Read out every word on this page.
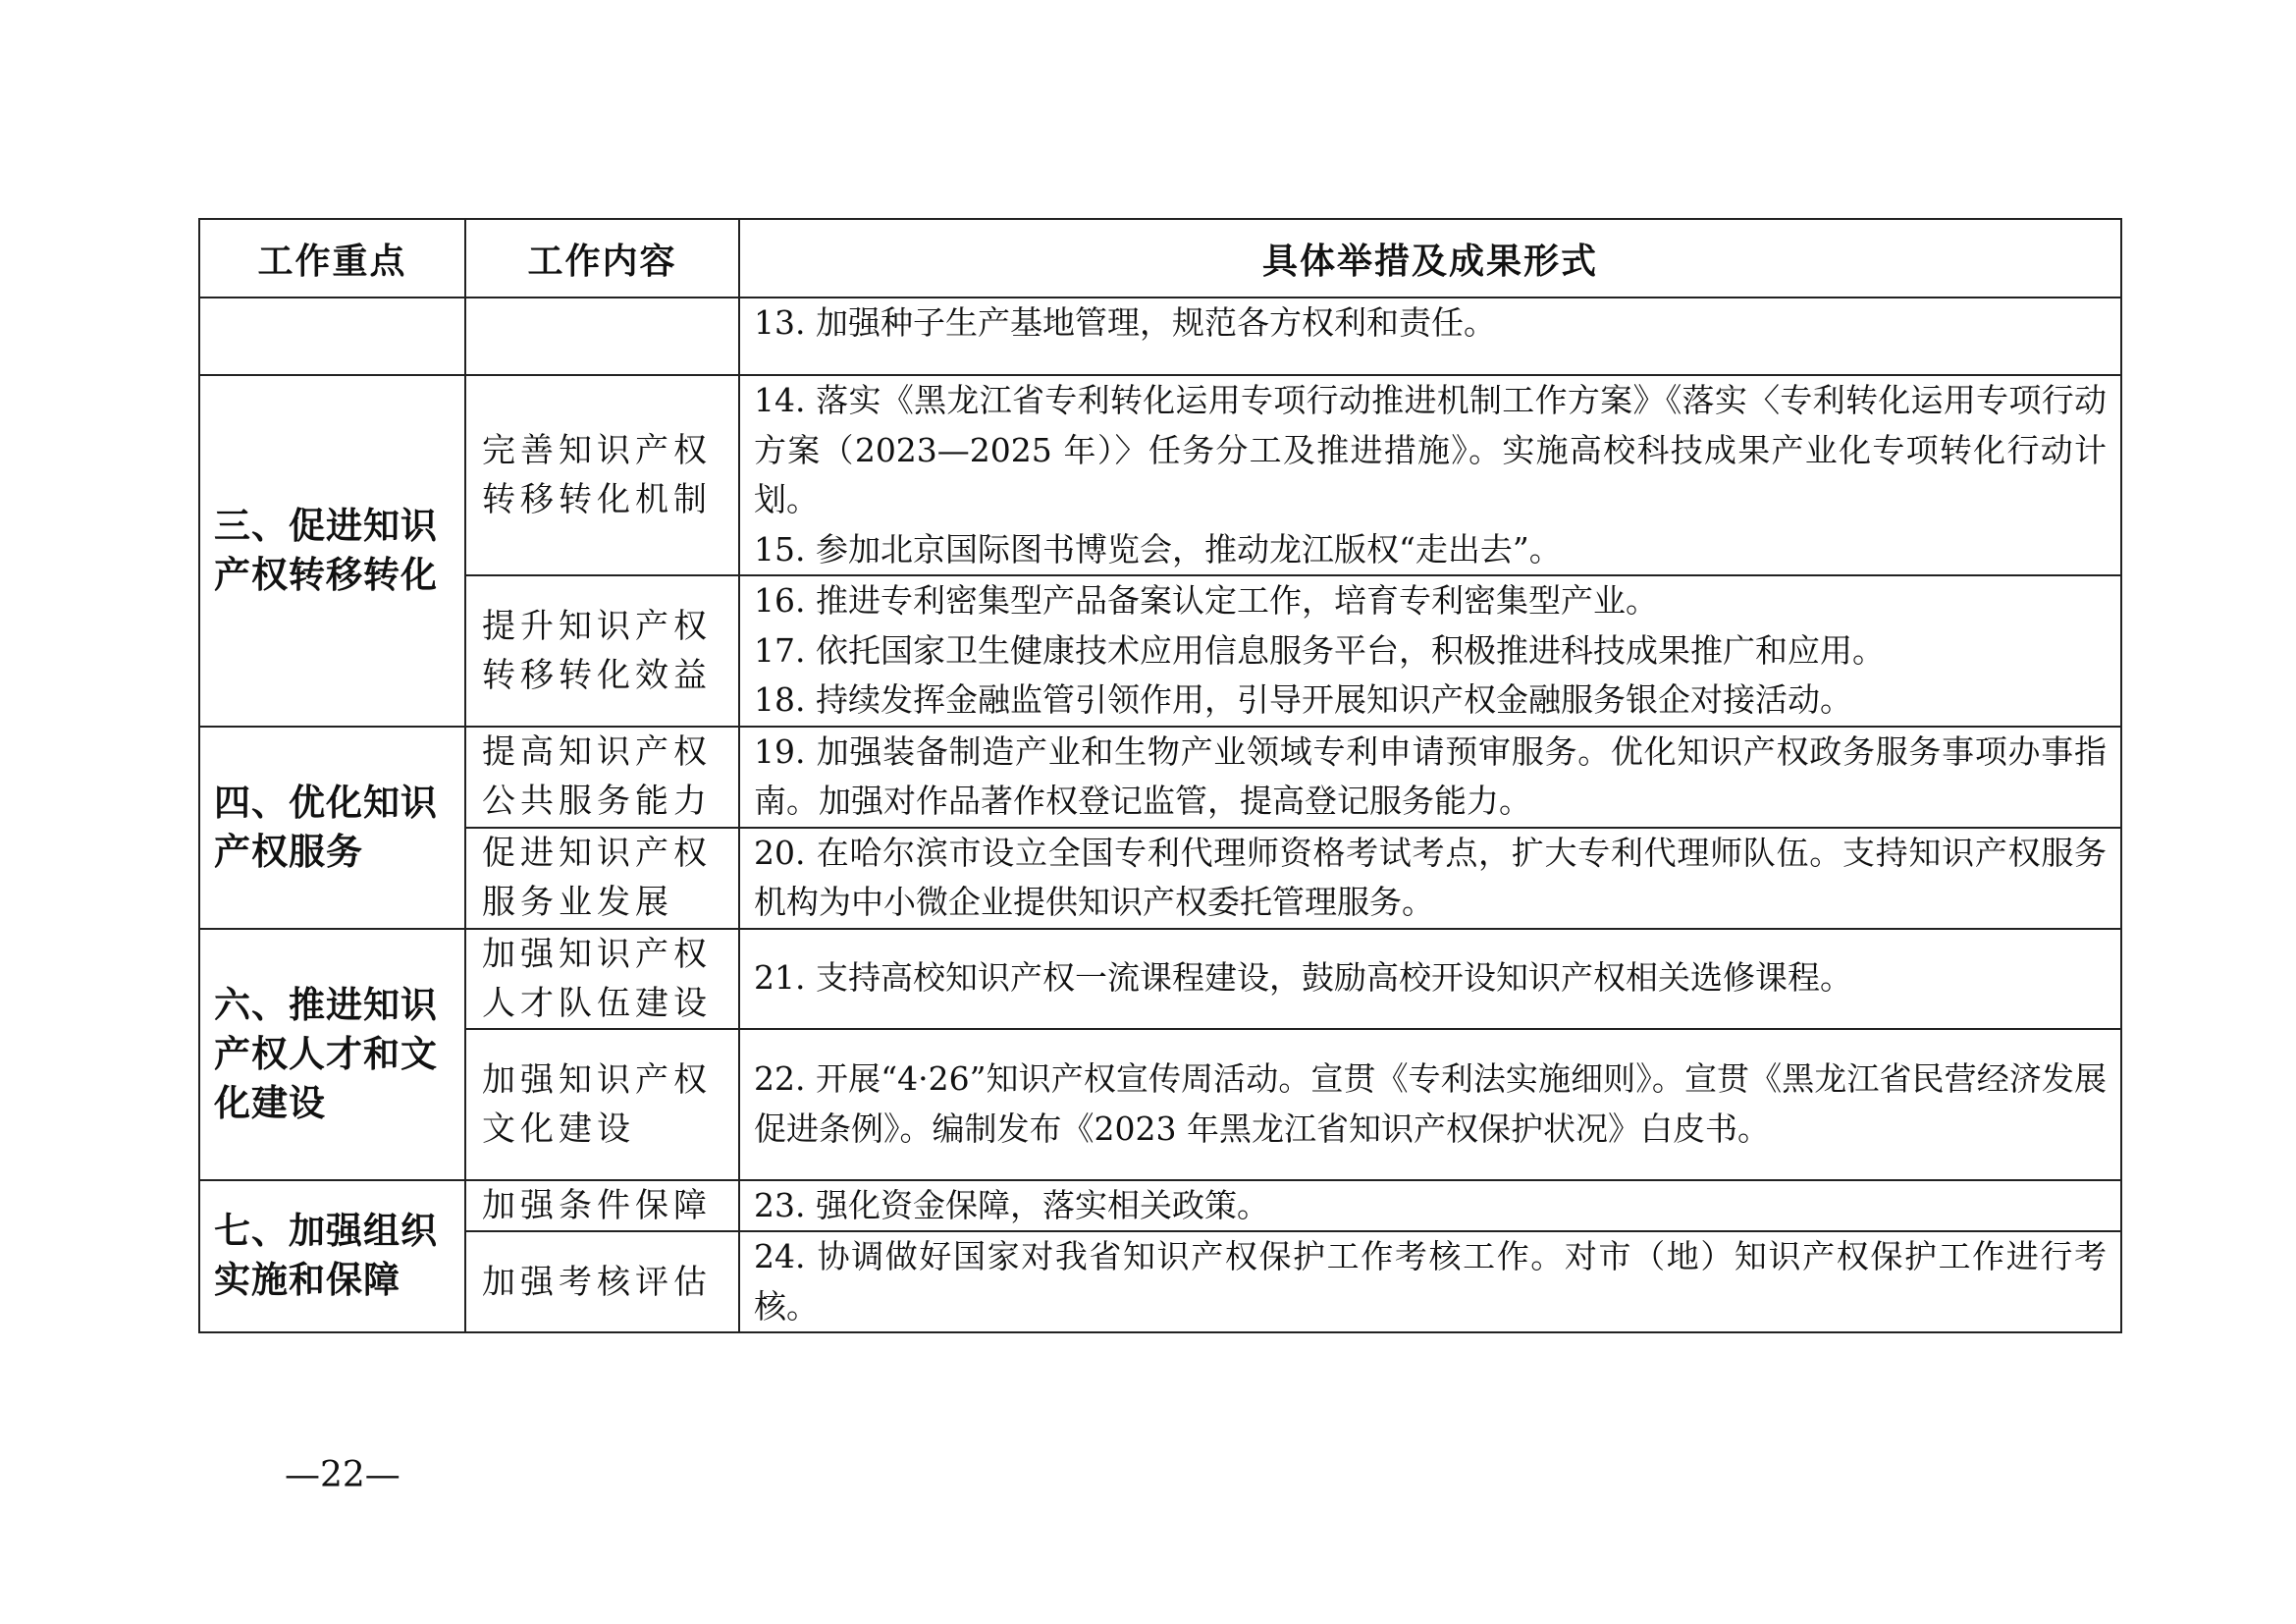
工作重点	工作内容	具体举措及成果形式

		13. 加强种子生产基地管理，规范各方权利和责任。

三、促进知识产权转移转化	完善知识产权转移转化机制	14. 落实《黑龙江省专利转化运用专项行动推进机制工作方案》《落实〈专利转化运用专项行动方案（2023—2025 年）〉任务分工及推进措施》。实施高校科技成果产业化专项转化行动计划。
15. 参加北京国际图书博览会，推动龙江版权“走出去”。

	提升知识产权转移转化效益	16. 推进专利密集型产品备案认定工作，培育专利密集型产业。
17. 依托国家卫生健康技术应用信息服务平台，积极推进科技成果推广和应用。
18. 持续发挥金融监管引领作用，引导开展知识产权金融服务银企对接活动。

四、优化知识产权服务	提高知识产权公共服务能力	19. 加强装备制造产业和生物产业领域专利申请预审服务。优化知识产权政务服务事项办事指南。加强对作品著作权登记监管，提高登记服务能力。

	促进知识产权服务业发展	20. 在哈尔滨市设立全国专利代理师资格考试考点，扩大专利代理师队伍。支持知识产权服务机构为中小微企业提供知识产权委托管理服务。

六、推进知识产权人才和文化建设	加强知识产权人才队伍建设	21. 支持高校知识产权一流课程建设，鼓励高校开设知识产权相关选修课程。

	加强知识产权文化建设	22. 开展“4·26”知识产权宣传周活动。宣贯《专利法实施细则》。宣贯《黑龙江省民营经济发展促进条例》。编制发布《2023 年黑龙江省知识产权保护状况》白皮书。

七、加强组织实施和保障	加强条件保障	23. 强化资金保障，落实相关政策。

	加强考核评估	24. 协调做好国家对我省知识产权保护工作考核工作。对市（地）知识产权保护工作进行考核。
—22—
